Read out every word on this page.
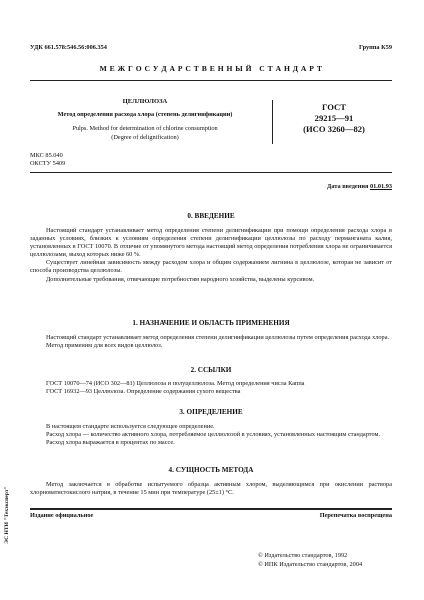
УДК 661.578:546.56:006.354	Группа К59
М Е Ж Г О С У Д А Р С Т В Е Н Н Ы Й   С Т А Н Д А Р Т
ЦЕЛЛЮЛОЗА
Метод определения расхода хлора (степень делигнификации)
Pulps. Method for determination of chlorine consumption
(Degree of delignification)
ГОСТ
29215—91
(ИСО 3260—82)
МКС 85.040
ОКСТУ 5409
Дата введения 01.01.93
0. ВВЕДЕНИЕ

Настоящий стандарт устанавливает метод определения степени делигнификации при помощи определения расхода хлора в заданных условиях, близких к условиям определения степени делигнификации целлюлозы по расходу перманганата калия, установленных в ГОСТ 10070. В отличие от упомянутого метода настоящий метод определения потребления хлора не ограничивается целлюлозами, выход которых ниже 60 %.

Существует линейная зависимость между расходом хлора и общим содержанием лигнина в целлюлозе, которая не зависит от способа производства целлюлозы.

Дополнительные требования, отвечающие потребностям народного хозяйства, выделены курсивом.

1. НАЗНАЧЕНИЕ И ОБЛАСТЬ ПРИМЕНЕНИЯ

Настоящий стандарт устанавливает метод определения степени делигнификации целлюлозы путем определения расхода хлора.

Метод применим для всех видов целлюлоз.

2. ССЫЛКИ
ГОСТ 10070—74 (ИСО 302—81) Целлюлоза и полуцеллюлоза. Метод определения числа Каппа
ГОСТ 16932—93 Целлюлоза. Определение содержания сухого вещества
3. ОПРЕДЕЛЕНИЕ

В настоящем стандарте используется следующее определение.

Расход хлора — количество активного хлора, потребляемое целлюлозой в условиях, установленных настоящим стандартом.

Расход хлора выражается в процентах по массе.

4. СУЩНОСТЬ МЕТОДА

Метод заключается в обработке испытуемого образца активным хлором, выделяющимся при окислении раствора хлорноватистокислого натрия, в течение 15 мин при температуре (25±1) °С.

Издание официальное	Перепечатка воспрещена
© Издательство стандартов, 1992
© ИПК Издательство стандартов, 2004
ЭС НТИ "Техэксперт"
